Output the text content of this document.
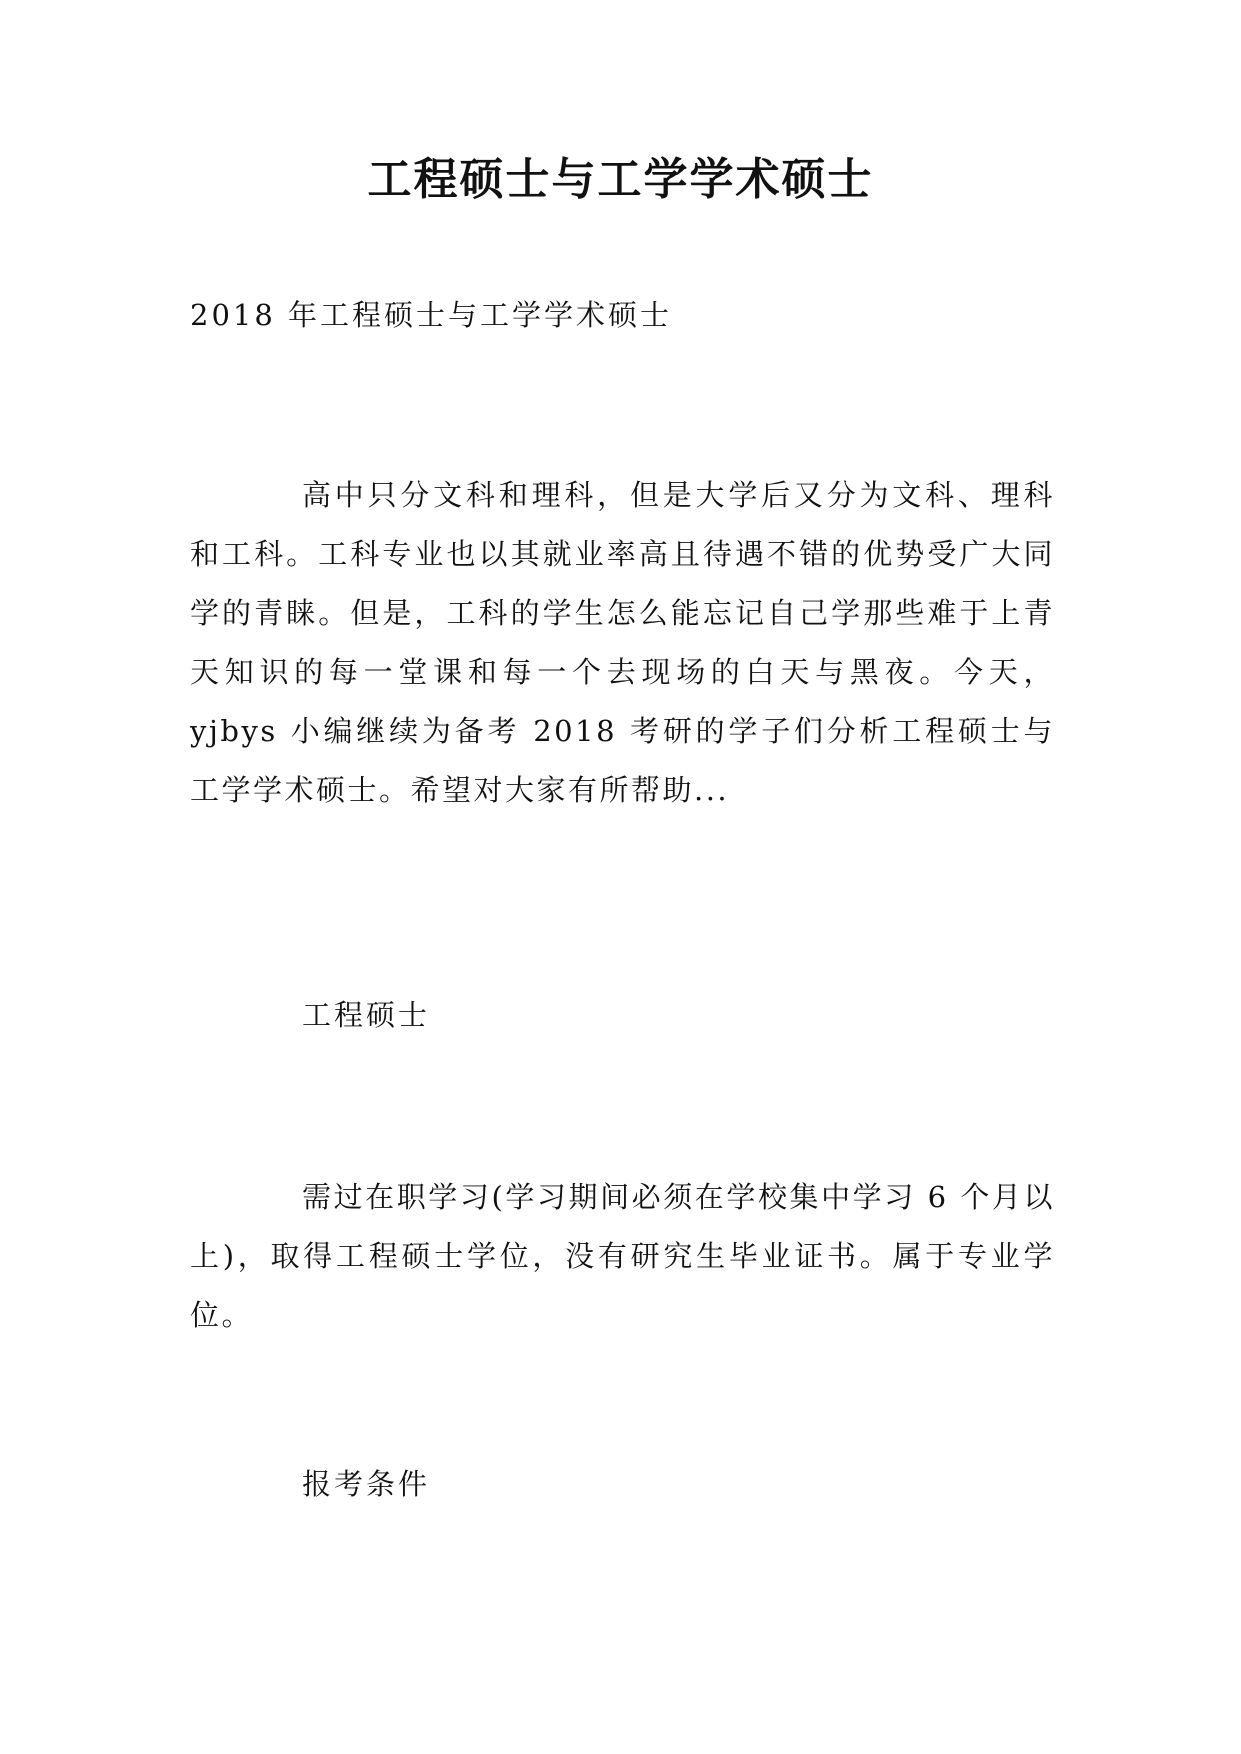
工程硕士与工学学术硕士

2018 年工程硕士与工学学术硕士

高中只分文科和理科，但是大学后又分为文科、理科和工科。工科专业也以其就业率高且待遇不错的优势受广大同学的青睐。但是，工科的学生怎么能忘记自己学那些难于上青天知识的每一堂课和每一个去现场的白天与黑夜。今天，yjbys 小编继续为备考 2018 考研的学子们分析工程硕士与工学学术硕士。希望对大家有所帮助...

工程硕士

需过在职学习(学习期间必须在学校集中学习 6 个月以上)，取得工程硕士学位，没有研究生毕业证书。属于专业学位。

报考条件
